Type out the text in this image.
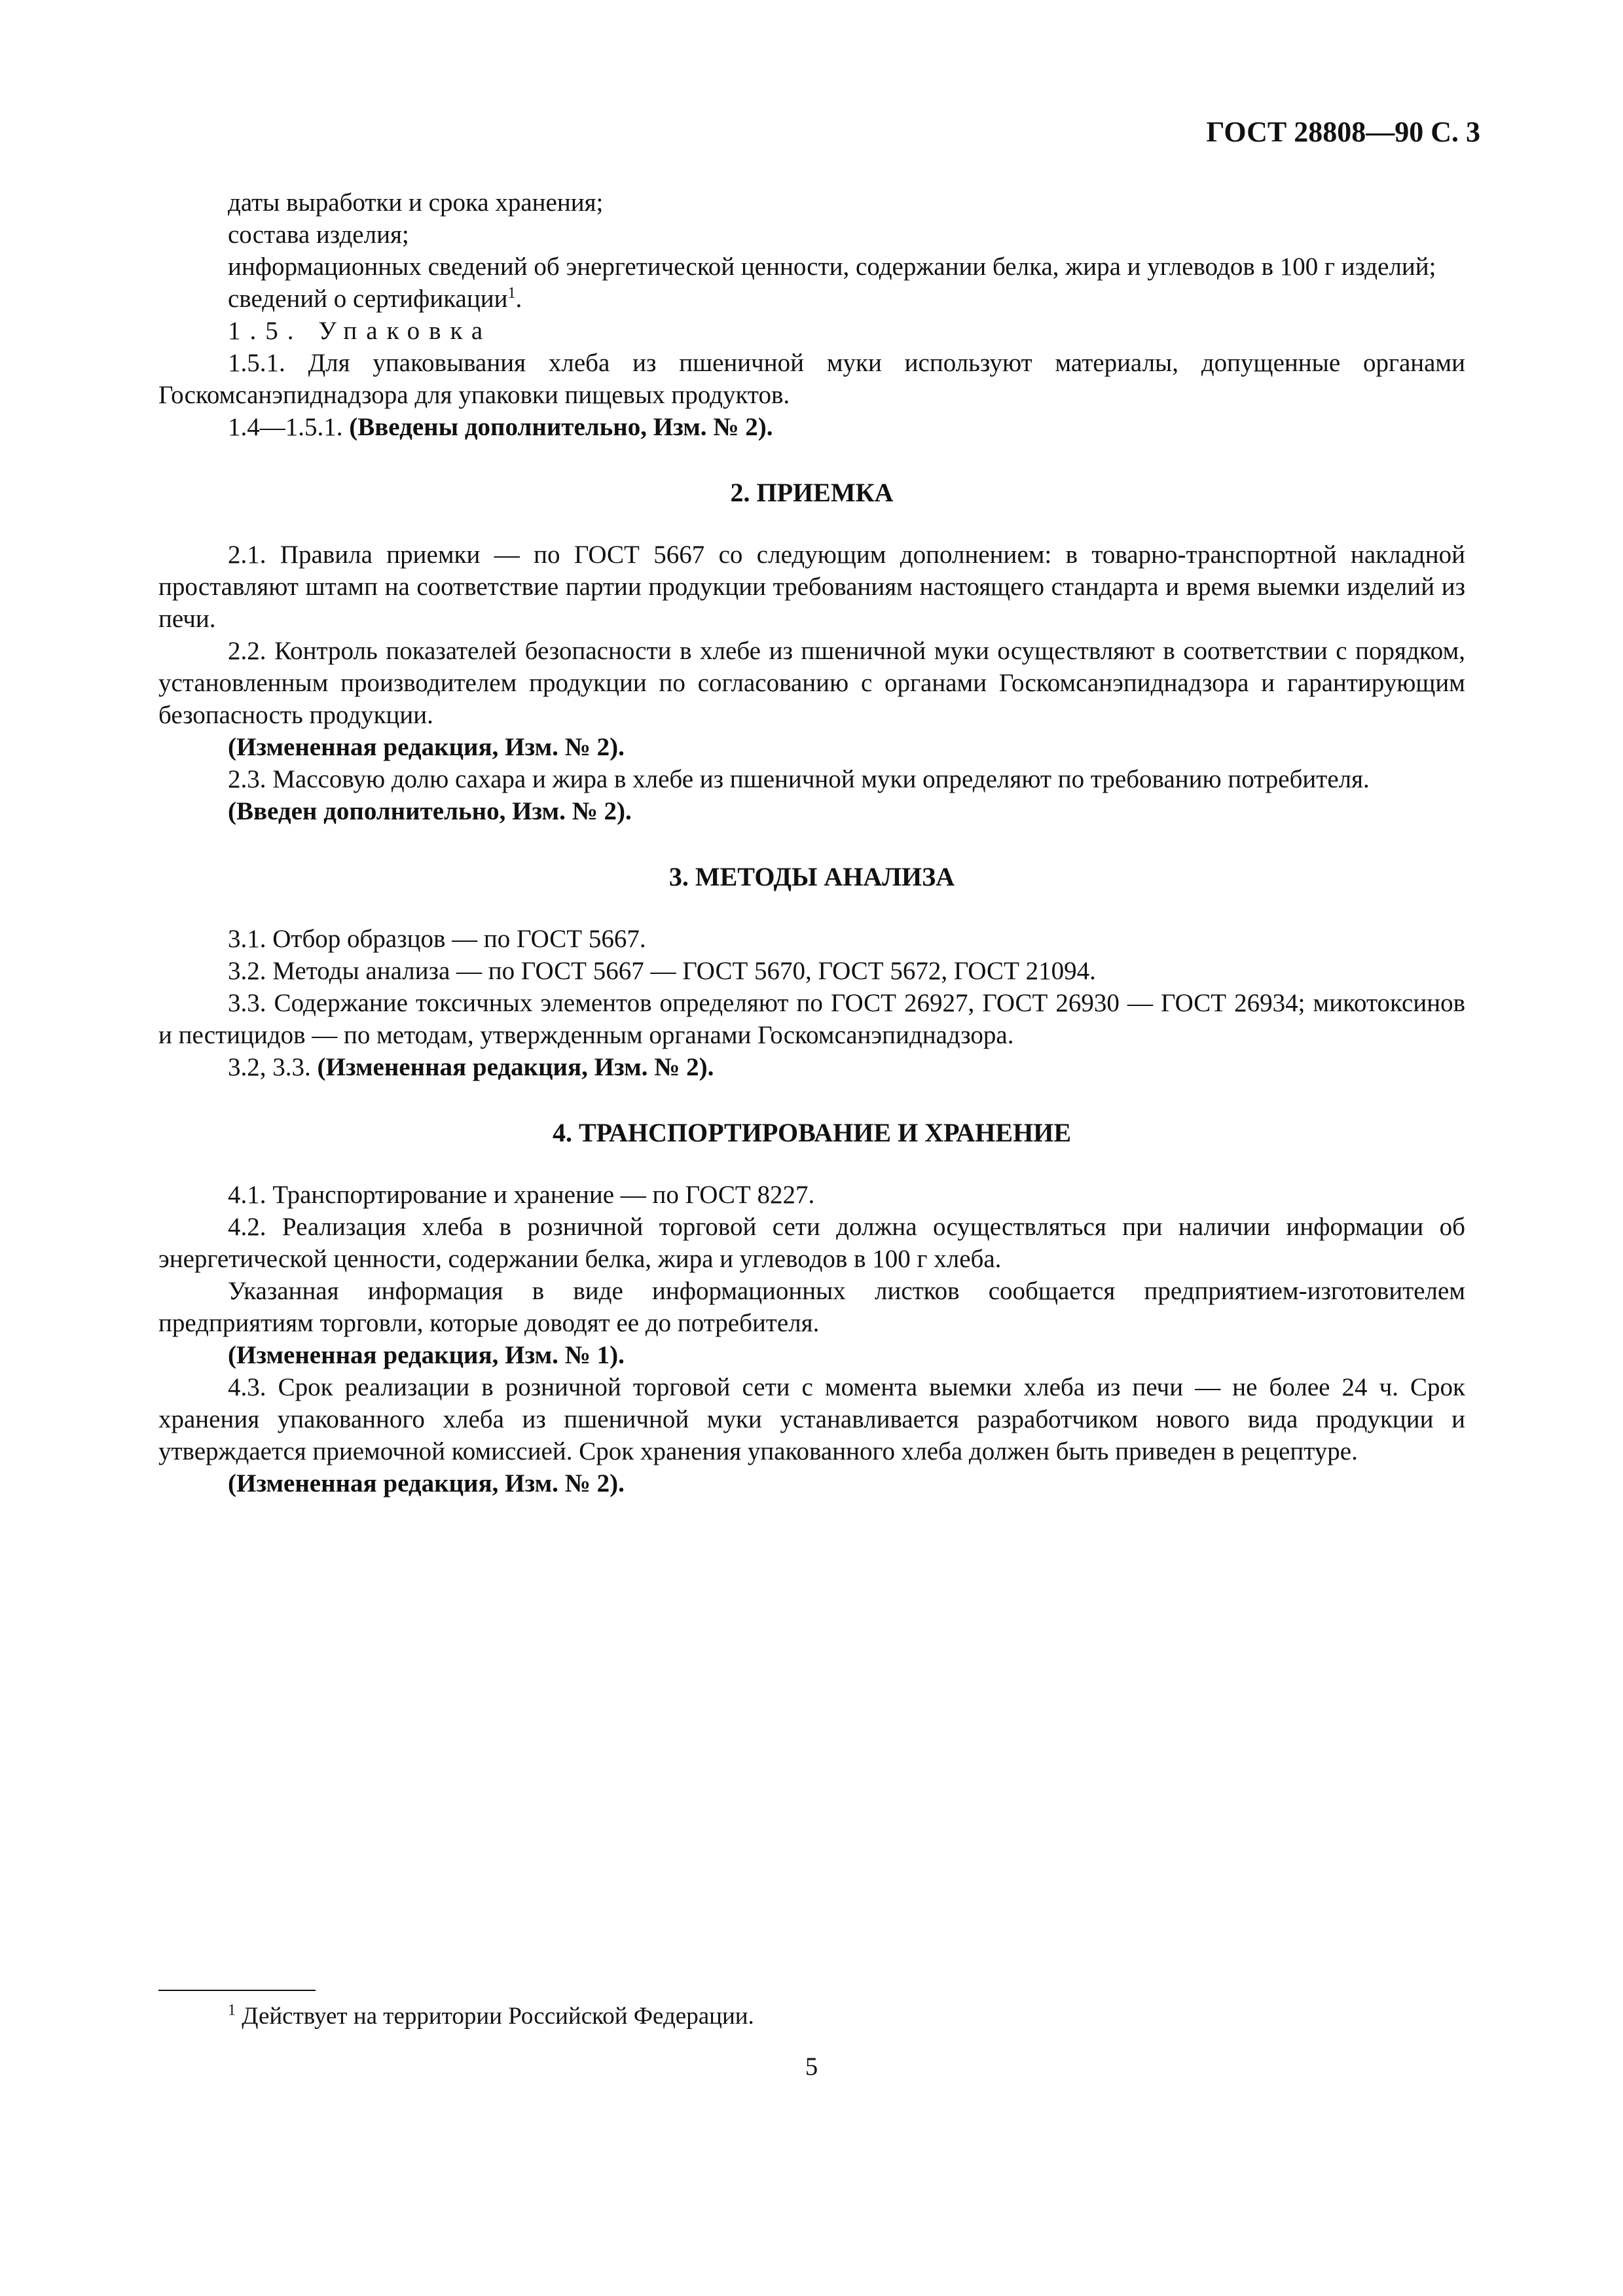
ГОСТ 28808—90 С. 3

даты выработки и срока хранения;

состава изделия;

информационных сведений об энергетической ценности, содержании белка, жира и углеводов в 100 г изделий;

сведений о сертификации$^1$.

1.5. Упаковка

1.5.1. Для упаковывания хлеба из пшеничной муки используют материалы, допущенные органами Госкомсанэпиднадзора для упаковки пищевых продуктов.

1.4—1.5.1. (Введены дополнительно, Изм. № 2).

2. ПРИЕМКА

2.1. Правила приемки — по ГОСТ 5667 со следующим дополнением: в товарно-транспортной накладной проставляют штамп на соответствие партии продукции требованиям настоящего стандарта и время выемки изделий из печи.

2.2. Контроль показателей безопасности в хлебе из пшеничной муки осуществляют в соответствии с порядком, установленным производителем продукции по согласованию с органами Госкомсанэпиднадзора и гарантирующим безопасность продукции.

(Измененная редакция, Изм. № 2).

2.3. Массовую долю сахара и жира в хлебе из пшеничной муки определяют по требованию потребителя.

(Введен дополнительно, Изм. № 2).

3. МЕТОДЫ АНАЛИЗА

3.1. Отбор образцов — по ГОСТ 5667.

3.2. Методы анализа — по ГОСТ 5667 — ГОСТ 5670, ГОСТ 5672, ГОСТ 21094.

3.3. Содержание токсичных элементов определяют по ГОСТ 26927, ГОСТ 26930 — ГОСТ 26934; микотоксинов и пестицидов — по методам, утвержденным органами Госкомсанэпиднадзора.

3.2, 3.3. (Измененная редакция, Изм. № 2).

4. ТРАНСПОРТИРОВАНИЕ И ХРАНЕНИЕ

4.1. Транспортирование и хранение — по ГОСТ 8227.

4.2. Реализация хлеба в розничной торговой сети должна осуществляться при наличии информации об энергетической ценности, содержании белка, жира и углеводов в 100 г хлеба.

Указанная информация в виде информационных листков сообщается предприятием-изготовителем предприятиям торговли, которые доводят ее до потребителя.

(Измененная редакция, Изм. № 1).

4.3. Срок реализации в розничной торговой сети с момента выемки хлеба из печи — не более 24 ч. Срок хранения упакованного хлеба из пшеничной муки устанавливается разработчиком нового вида продукции и утверждается приемочной комиссией. Срок хранения упакованного хлеба должен быть приведен в рецептуре.

(Измененная редакция, Изм. № 2).

$^1$ Действует на территории Российской Федерации.
5
